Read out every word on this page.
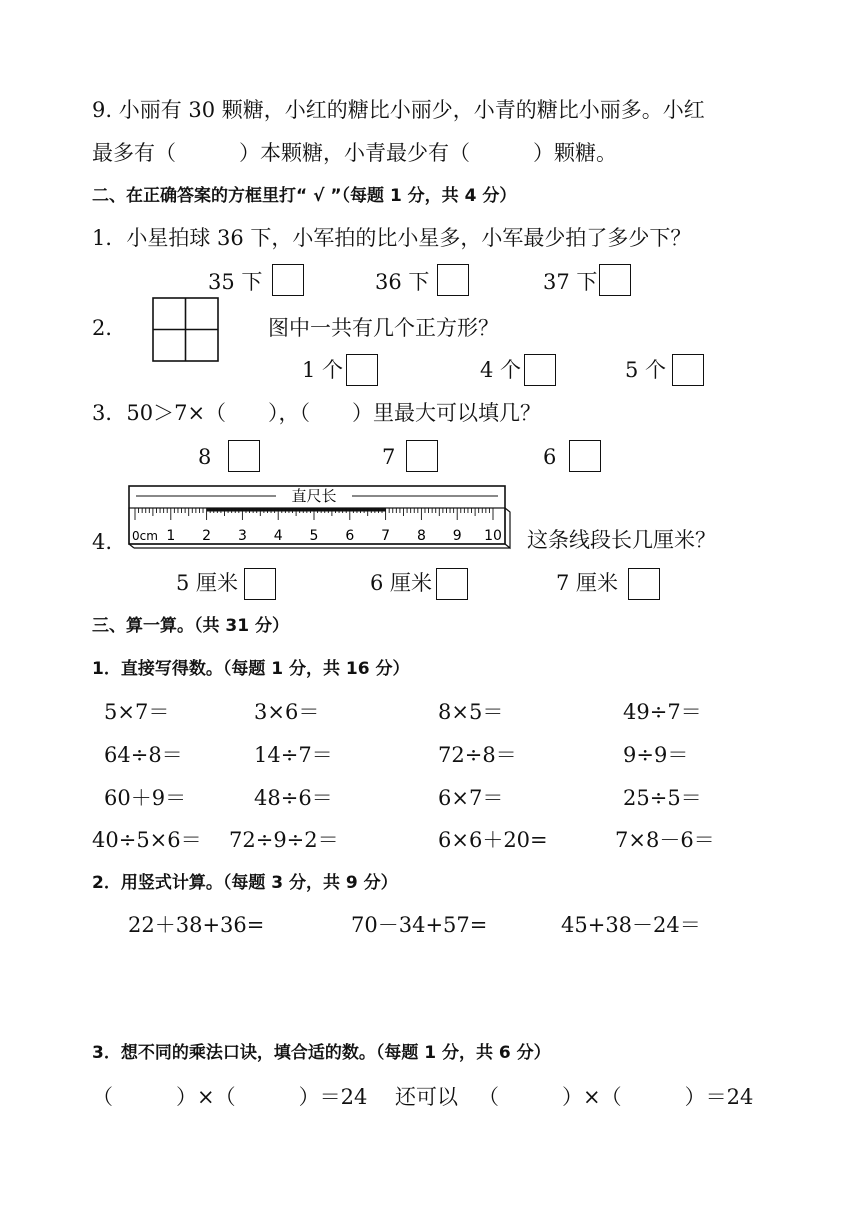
9. 小丽有 30 颗糖，小红的糖比小丽少，小青的糖比小丽多。小红
最多有（　　　）本颗糖，小青最少有（　　　）颗糖。
二、在正确答案的方框里打“ √ ”（每题 1 分，共 4 分）
1．小星拍球 36 下，小军拍的比小星多，小军最少拍了多少下？
35 下	36 下	37 下
2．	图中一共有几个正方形？
1 个	4 个	5 个
3．50＞7×（　　），（　　）里最大可以填几？
8	7	6
4.
直尺长
0cm 1 2 3 4 5 6 7 8 9 10 这条线段长几厘米？
5 厘米	6 厘米	7 厘米
三、算一算。（共 31 分）
1．直接写得数。（每题 1 分，共 16 分）
5×7＝	3×6＝	8×5＝	49÷7＝
64÷8＝	14÷7＝	72÷8＝	9÷9＝
60＋9＝	48÷6＝	6×7＝	25÷5＝
40÷5×6＝ 72÷9÷2＝	6×6＋20=	7×8－6＝
2．用竖式计算。（每题 3 分，共 9 分）
22＋38+36=	70－34+57=	45+38－24＝
3．想不同的乘法口诀，填合适的数。（每题 1 分，共 6 分）
（　　　）×（　　　）＝24 还可以 （　　　）×（　　　）＝24
